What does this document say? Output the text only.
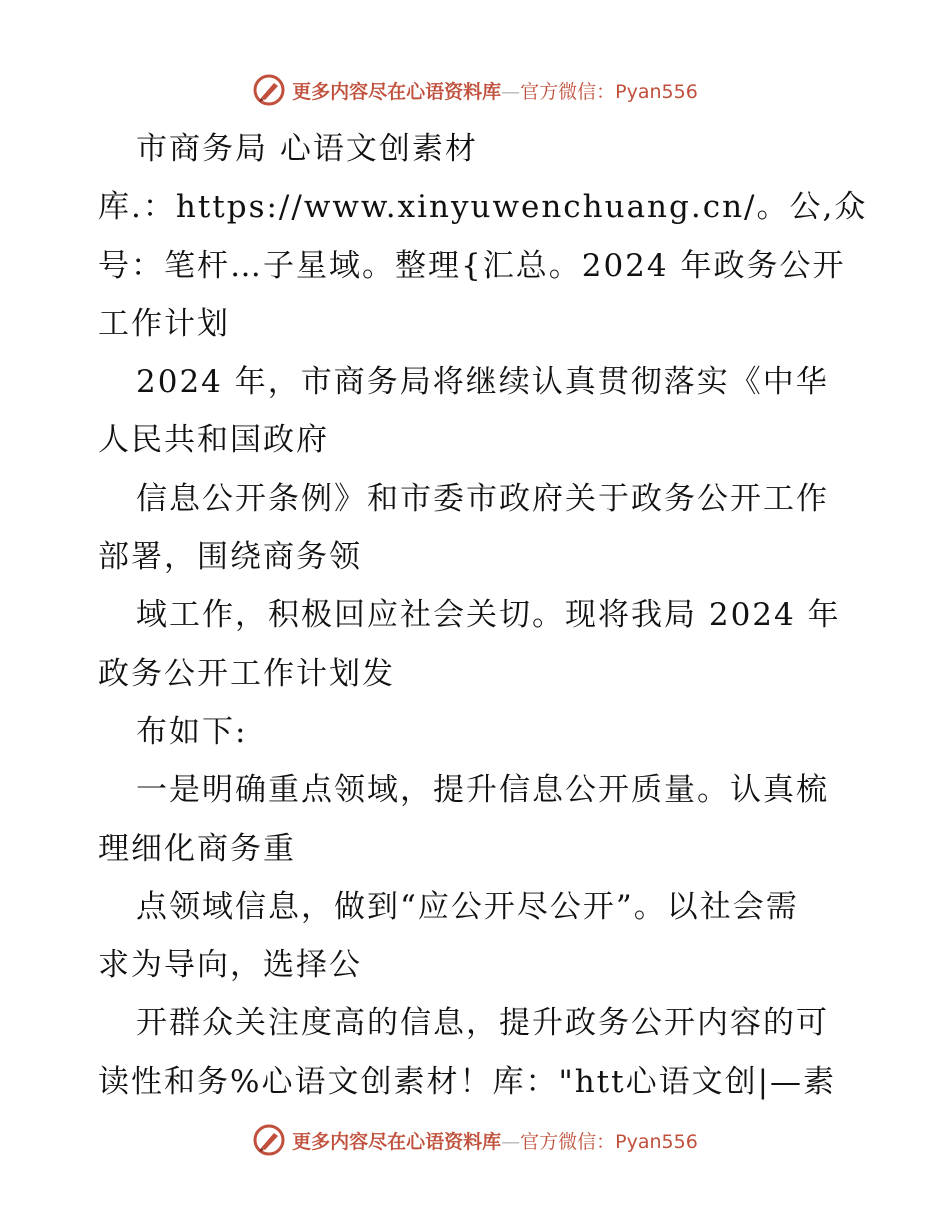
更多内容尽在心语资料库—官方微信：Pyan556
市商务局 心语文创素材
库.：https://www.xinyuwenchuang.cn/。公,众
号：笔杆…子星域。整理{汇总。2024 年政务公开
工作计划
2024 年，市商务局将继续认真贯彻落实《中华
人民共和国政府
信息公开条例》和市委市政府关于政务公开工作
部署，围绕商务领
域工作，积极回应社会关切。现将我局 2024 年
政务公开工作计划发
布如下:
一是明确重点领域，提升信息公开质量。认真梳
理细化商务重
点领域信息，做到“应公开尽公开”。以社会需
求为导向，选择公
开群众关注度高的信息，提升政务公开内容的可
读性和务%心语文创素材！库："htt心语文创|—素
更多内容尽在心语资料库—官方微信：Pyan556
